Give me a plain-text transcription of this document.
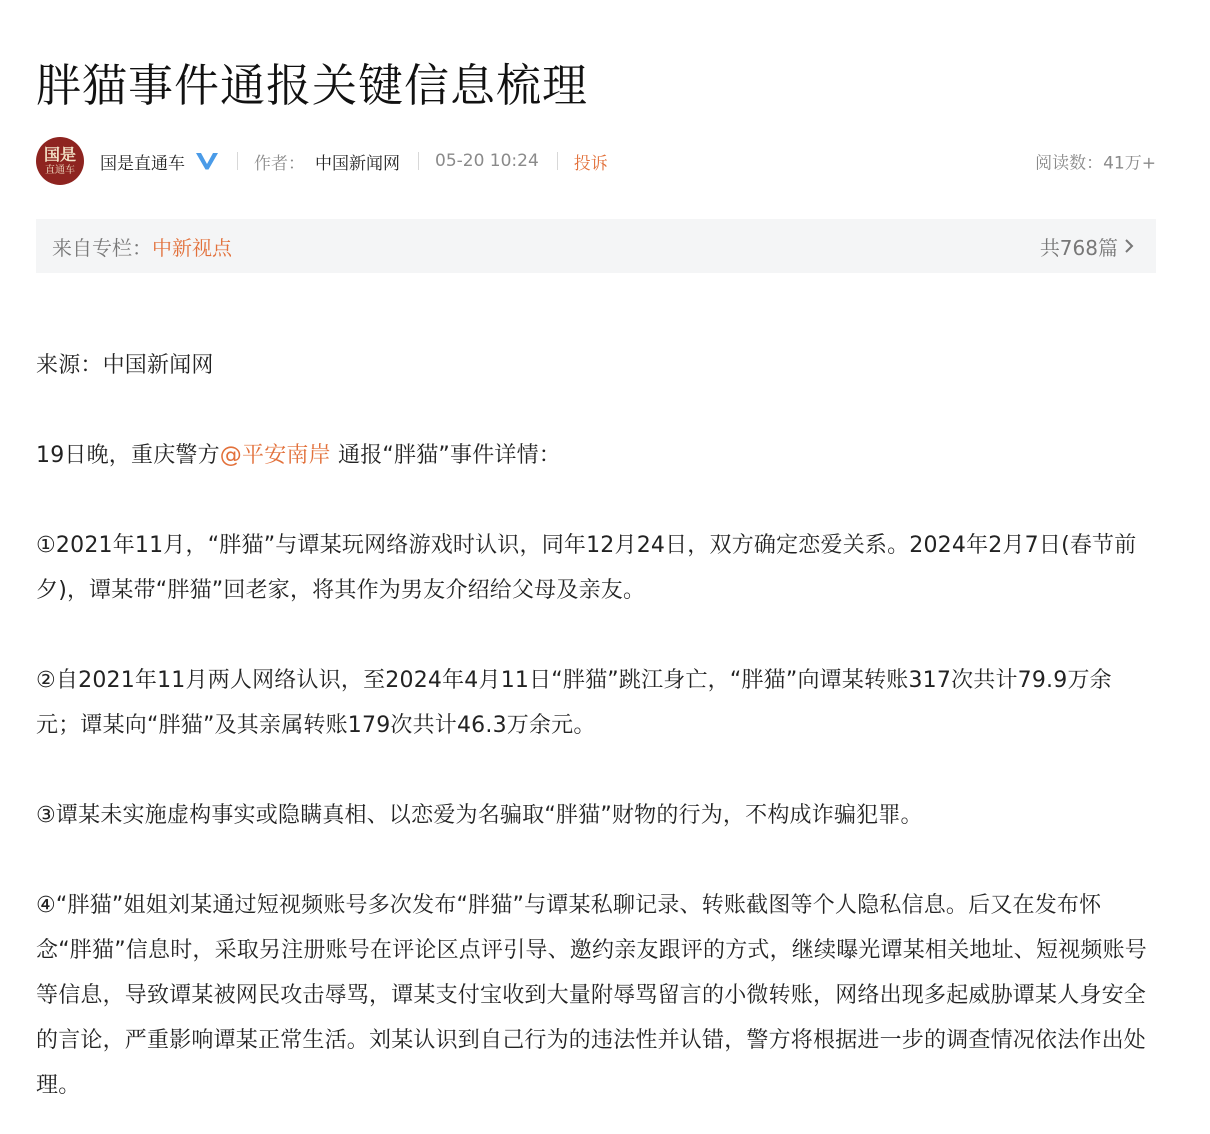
胖猫事件通报关键信息梳理
国是
直通车 国是直通车	作者： 中国新闻网 05-20 10:24 投诉	阅读数：41万+
来自专栏：中新视点	共768篇

来源：中国新闻网

19日晚，重庆警方@平安南岸 通报“胖猫”事件详情：

①2021年11月，“胖猫”与谭某玩网络游戏时认识，同年12月24日，双方确定恋爱关系。2024年2月7日(春节前夕)，谭某带“胖猫”回老家，将其作为男友介绍给父母及亲友。

②自2021年11月两人网络认识，至2024年4月11日“胖猫”跳江身亡，“胖猫”向谭某转账317次共计79.9万余元；谭某向“胖猫”及其亲属转账179次共计46.3万余元。

③谭某未实施虚构事实或隐瞒真相、以恋爱为名骗取“胖猫”财物的行为，不构成诈骗犯罪。

④“胖猫”姐姐刘某通过短视频账号多次发布“胖猫”与谭某私聊记录、转账截图等个人隐私信息。后又在发布怀念“胖猫”信息时，采取另注册账号在评论区点评引导、邀约亲友跟评的方式，继续曝光谭某相关地址、短视频账号等信息，导致谭某被网民攻击辱骂，谭某支付宝收到大量附辱骂留言的小微转账，网络出现多起威胁谭某人身安全的言论，严重影响谭某正常生活。刘某认识到自己行为的违法性并认错，警方将根据进一步的调查情况依法作出处理。
